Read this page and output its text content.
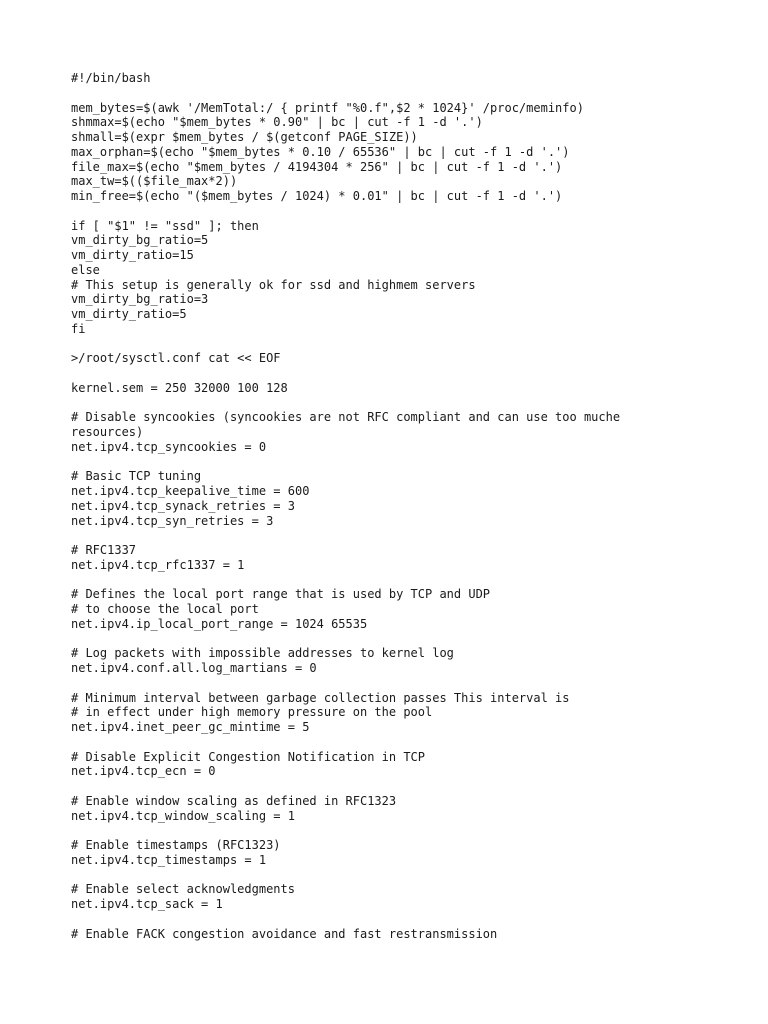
#!/bin/bash

mem_bytes=$(awk '/MemTotal:/ { printf "%0.f",$2 * 1024}' /proc/meminfo)
shmmax=$(echo "$mem_bytes * 0.90" | bc | cut -f 1 -d '.')
shmall=$(expr $mem_bytes / $(getconf PAGE_SIZE))
max_orphan=$(echo "$mem_bytes * 0.10 / 65536" | bc | cut -f 1 -d '.')
file_max=$(echo "$mem_bytes / 4194304 * 256" | bc | cut -f 1 -d '.')
max_tw=$(($file_max*2))
min_free=$(echo "($mem_bytes / 1024) * 0.01" | bc | cut -f 1 -d '.')

if [ "$1" != "ssd" ]; then
vm_dirty_bg_ratio=5
vm_dirty_ratio=15
else
# This setup is generally ok for ssd and highmem servers
vm_dirty_bg_ratio=3
vm_dirty_ratio=5
fi

>/root/sysctl.conf cat << EOF

kernel.sem = 250 32000 100 128

# Disable syncookies (syncookies are not RFC compliant and can use too muche
resources)
net.ipv4.tcp_syncookies = 0

# Basic TCP tuning
net.ipv4.tcp_keepalive_time = 600
net.ipv4.tcp_synack_retries = 3
net.ipv4.tcp_syn_retries = 3

# RFC1337
net.ipv4.tcp_rfc1337 = 1

# Defines the local port range that is used by TCP and UDP
# to choose the local port
net.ipv4.ip_local_port_range = 1024 65535

# Log packets with impossible addresses to kernel log
net.ipv4.conf.all.log_martians = 0

# Minimum interval between garbage collection passes This interval is
# in effect under high memory pressure on the pool
net.ipv4.inet_peer_gc_mintime = 5

# Disable Explicit Congestion Notification in TCP
net.ipv4.tcp_ecn = 0

# Enable window scaling as defined in RFC1323
net.ipv4.tcp_window_scaling = 1

# Enable timestamps (RFC1323)
net.ipv4.tcp_timestamps = 1

# Enable select acknowledgments
net.ipv4.tcp_sack = 1

# Enable FACK congestion avoidance and fast restransmission
